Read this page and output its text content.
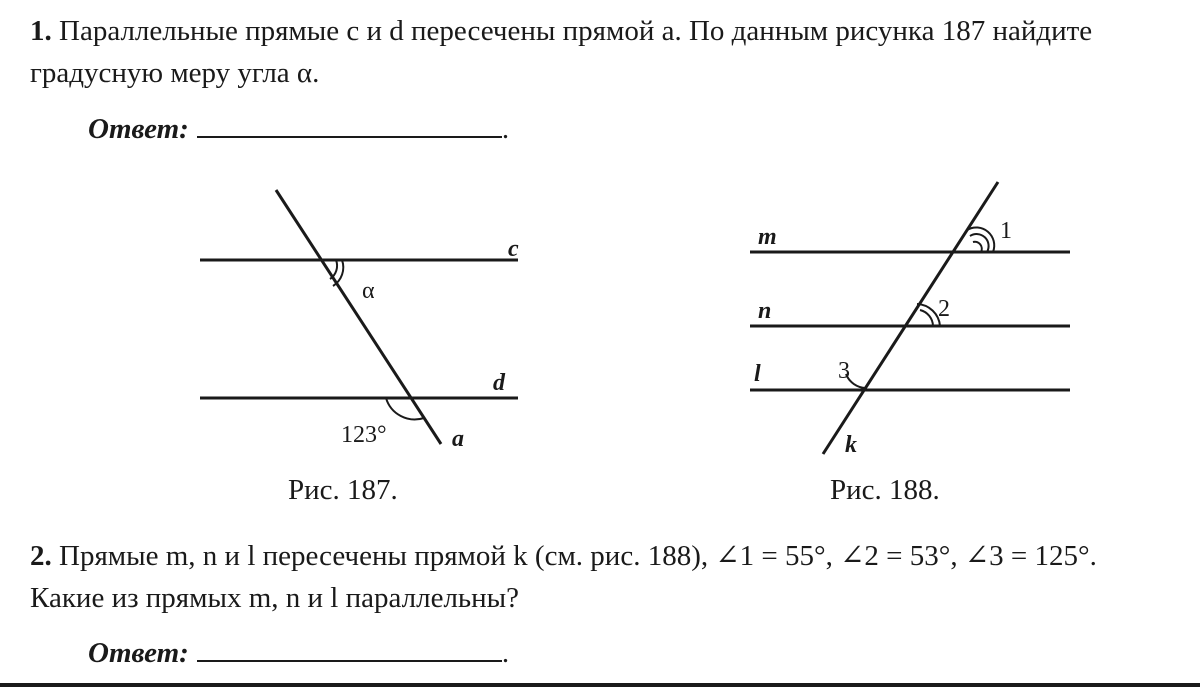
1. Параллельные прямые c и d пересечены прямой a. По данным рисунка 187 найдите градусную меру угла α.
Ответ:	.
c
d
a
α
123°
m
n
l
k
1
2
3
Рис. 187.	Рис. 188.
2. Прямые m, n и l пересечены прямой k (см. рис. 188), ∠1 = 55°, ∠2 = 53°, ∠3 = 125°. Какие из прямых m, n и l параллельны?
Ответ:	.
